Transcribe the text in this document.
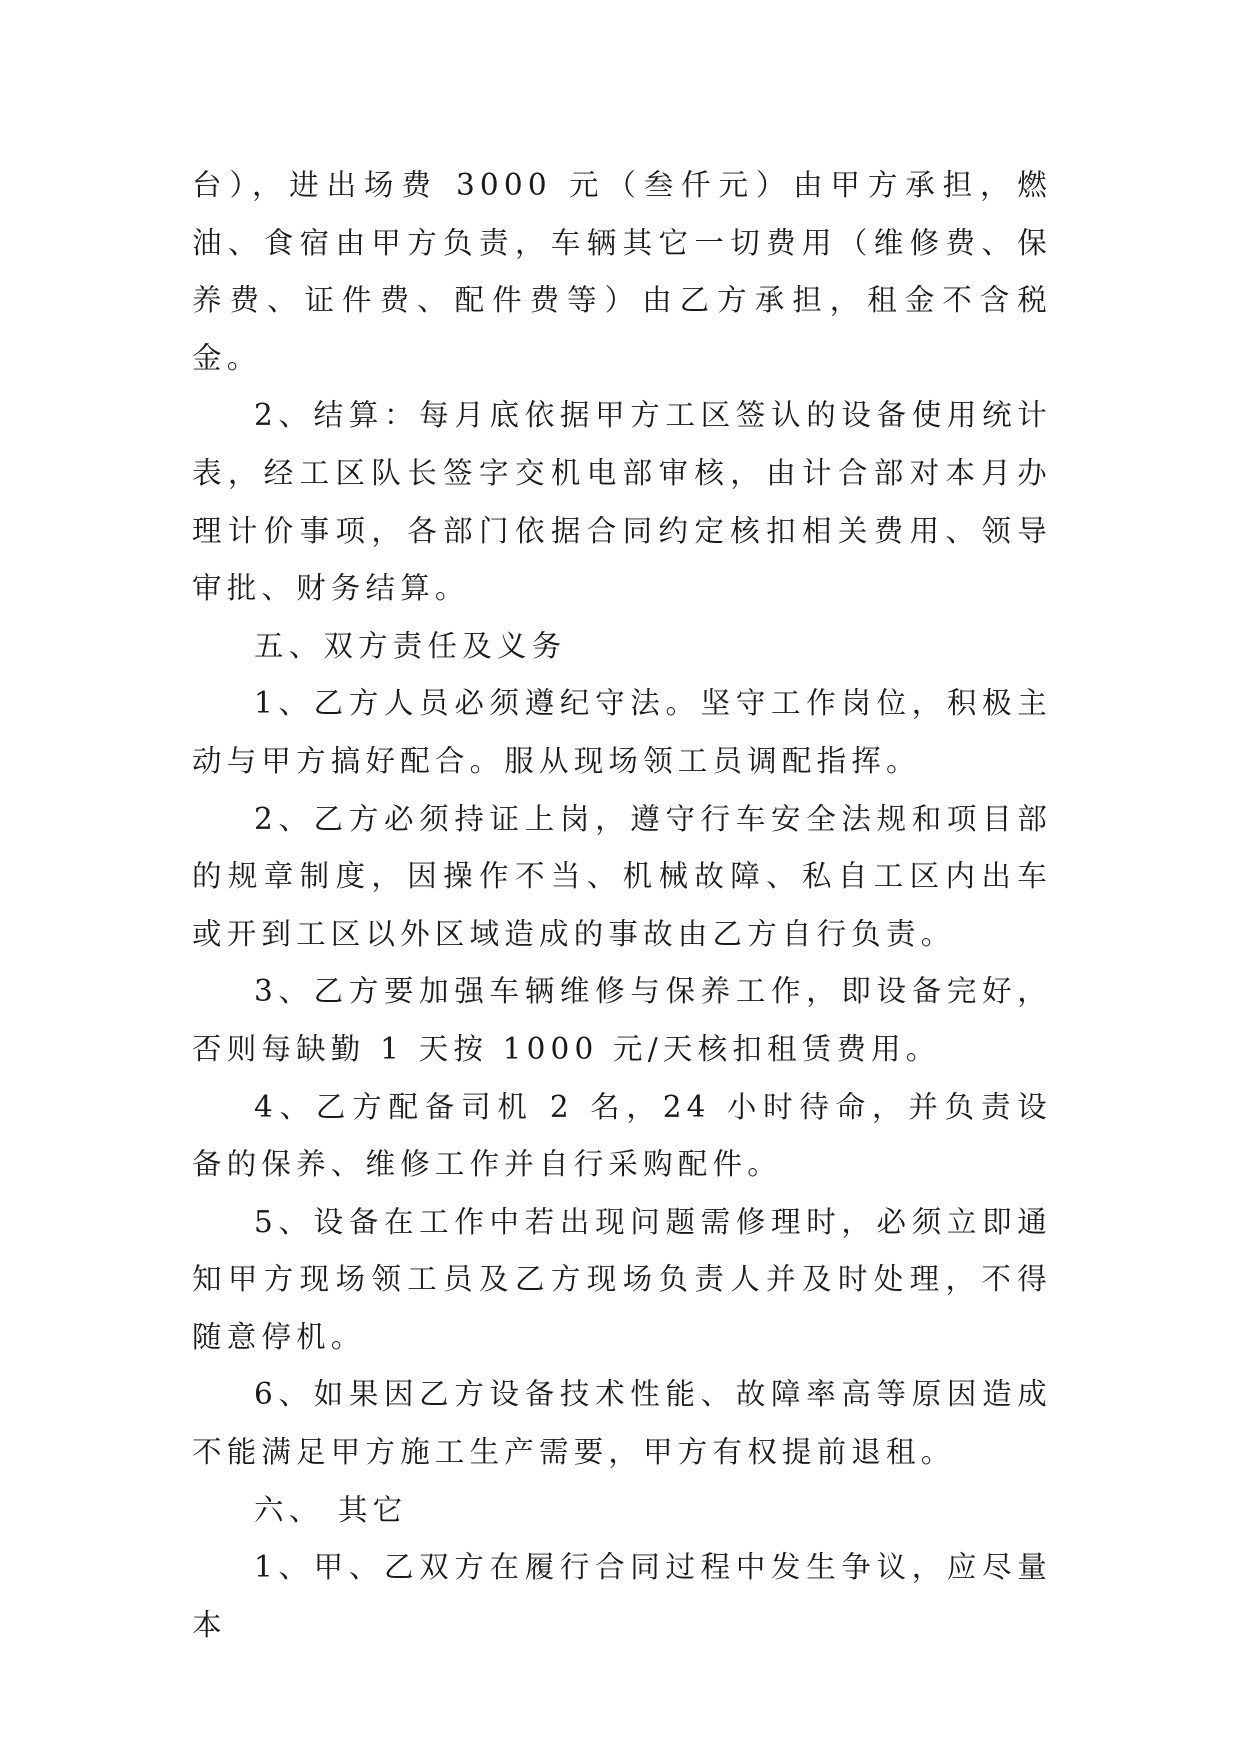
台），进出场费 3000 元（叁仟元）由甲方承担，燃油、食宿由甲方负责，车辆其它一切费用（维修费、保养费、证件费、配件费等）由乙方承担，租金不含税金。

2、结算：每月底依据甲方工区签认的设备使用统计表，经工区队长签字交机电部审核，由计合部对本月办理计价事项，各部门依据合同约定核扣相关费用、领导审批、财务结算。

五、双方责任及义务

1、乙方人员必须遵纪守法。坚守工作岗位，积极主动与甲方搞好配合。服从现场领工员调配指挥。

2、乙方必须持证上岗，遵守行车安全法规和项目部的规章制度，因操作不当、机械故障、私自工区内出车或开到工区以外区域造成的事故由乙方自行负责。

3、乙方要加强车辆维修与保养工作，即设备完好，否则每缺勤 1 天按 1000 元/天核扣租赁费用。

4、乙方配备司机 2 名，24 小时待命，并负责设备的保养、维修工作并自行采购配件。

5、设备在工作中若出现问题需修理时，必须立即通知甲方现场领工员及乙方现场负责人并及时处理，不得随意停机。

6、如果因乙方设备技术性能、故障率高等原因造成不能满足甲方施工生产需要，甲方有权提前退租。

六、 其它

1、甲、乙双方在履行合同过程中发生争议，应尽量本
